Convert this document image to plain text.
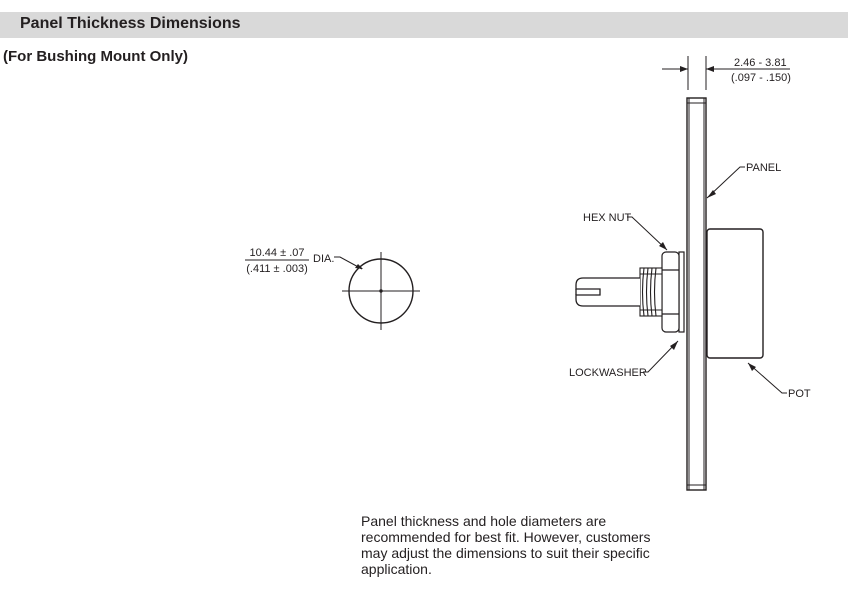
Panel Thickness Dimensions
(For Bushing Mount Only)	2.46 - 3.81
(.097 - .150)
10.44 ± .07
(.411 ± .003)
DIA.
PANEL
HEX NUT
LOCKWASHER
POT
Panel thickness and hole diameters are
recommended for best fit. However, customers
may adjust the dimensions to suit their specific
application.
